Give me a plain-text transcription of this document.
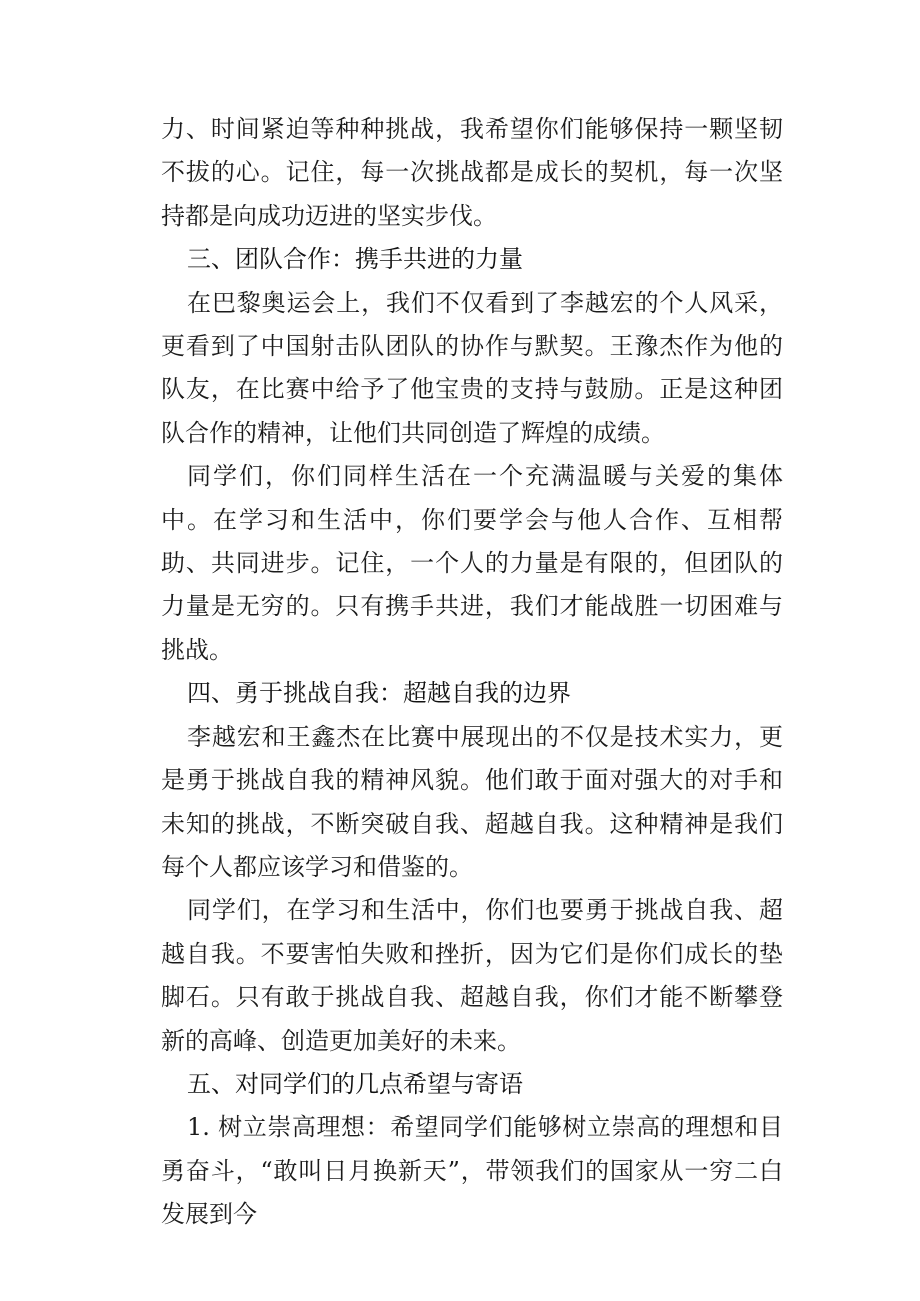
力、时间紧迫等种种挑战，我希望你们能够保持一颗坚韧不拔的心。记住，每一次挑战都是成长的契机，每一次坚持都是向成功迈进的坚实步伐。

三、团队合作：携手共进的力量

在巴黎奥运会上，我们不仅看到了李越宏的个人风采，更看到了中国射击队团队的协作与默契。王豫杰作为他的队友，在比赛中给予了他宝贵的支持与鼓励。正是这种团队合作的精神，让他们共同创造了辉煌的成绩。

同学们，你们同样生活在一个充满温暖与关爱的集体中。在学习和生活中，你们要学会与他人合作、互相帮助、共同进步。记住，一个人的力量是有限的，但团队的力量是无穷的。只有携手共进，我们才能战胜一切困难与挑战。

四、勇于挑战自我：超越自我的边界

李越宏和王鑫杰在比赛中展现出的不仅是技术实力，更是勇于挑战自我的精神风貌。他们敢于面对强大的对手和未知的挑战，不断突破自我、超越自我。这种精神是我们每个人都应该学习和借鉴的。

同学们，在学习和生活中，你们也要勇于挑战自我、超越自我。不要害怕失败和挫折，因为它们是你们成长的垫脚石。只有敢于挑战自我、超越自我，你们才能不断攀登新的高峰、创造更加美好的未来。

五、对同学们的几点希望与寄语

1. 树立崇高理想：希望同学们能够树立崇高的理想和目勇奋斗，“敢叫日月换新天”，带领我们的国家从一穷二白发展到今
